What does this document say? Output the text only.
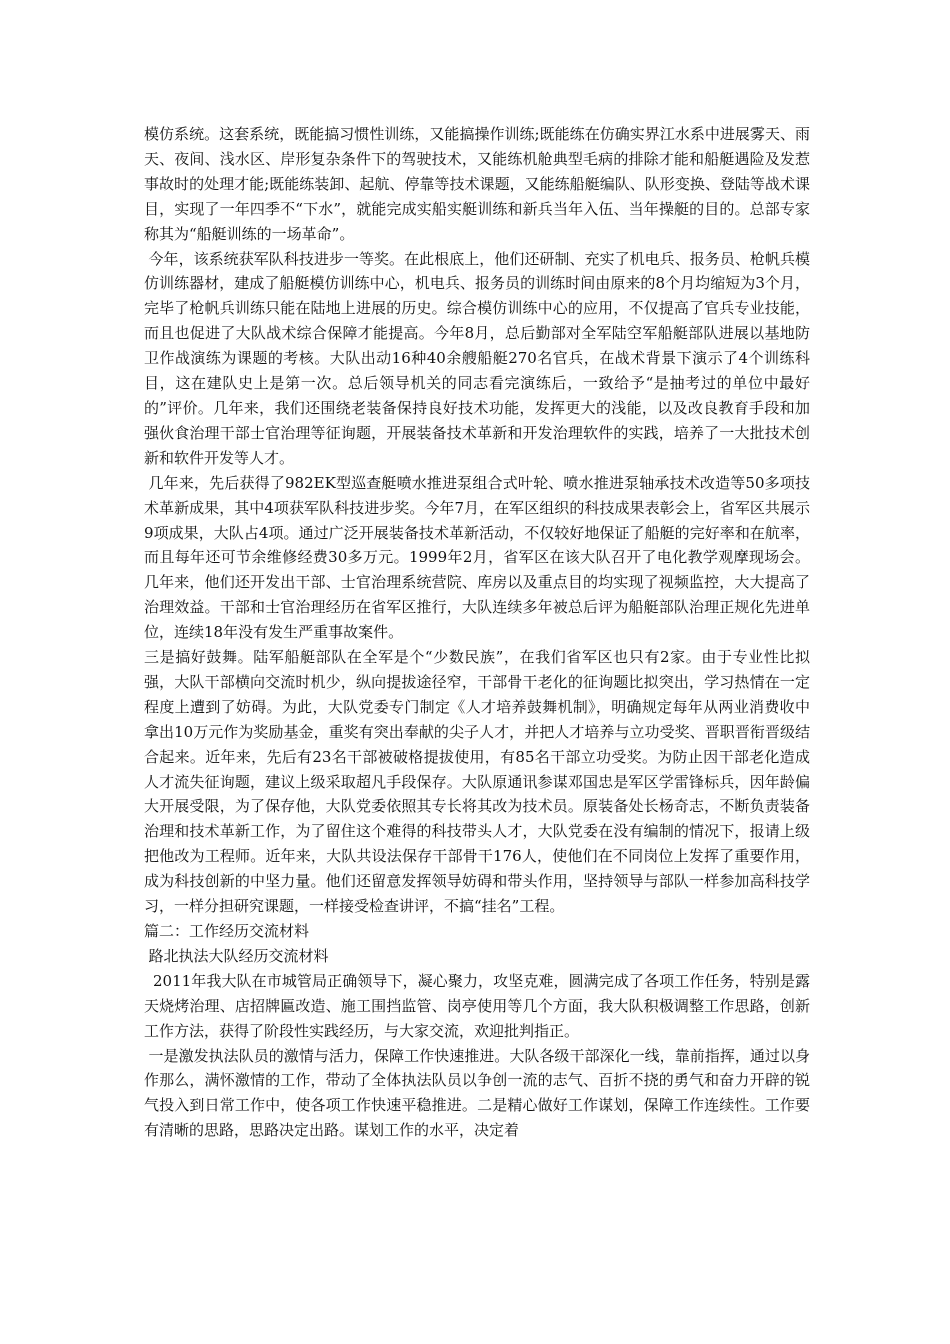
模仿系统。这套系统，既能搞习惯性训练，又能搞操作训练;既能练在仿确实界江水系中进展雾天、雨天、夜间、浅水区、岸形复杂条件下的驾驶技术，又能练机舱典型毛病的排除才能和船艇遇险及发惹事故时的处理才能;既能练装卸、起航、停靠等技术课题，又能练船艇编队、队形变换、登陆等战术课目，实现了一年四季不“下水”，就能完成实船实艇训练和新兵当年入伍、当年操艇的目的。总部专家称其为“船艇训练的一场革命”。

今年，该系统获军队科技进步一等奖。在此根底上，他们还研制、充实了机电兵、报务员、枪帆兵模仿训练器材，建成了船艇模仿训练中心，机电兵、报务员的训练时间由原来的8个月均缩短为3个月，完毕了枪帆兵训练只能在陆地上进展的历史。综合模仿训练中心的应用，不仅提高了官兵专业技能，而且也促进了大队战术综合保障才能提高。今年8月，总后勤部对全军陆空军船艇部队进展以基地防卫作战演练为课题的考核。大队出动16种40余艘船艇270名官兵，在战术背景下演示了4个训练科目，这在建队史上是第一次。总后领导机关的同志看完演练后，一致给予“是抽考过的单位中最好的”评价。几年来，我们还围绕老装备保持良好技术功能，发挥更大的浅能，以及改良教育手段和加强伙食治理干部士官治理等征询题，开展装备技术革新和开发治理软件的实践，培养了一大批技术创新和软件开发等人才。

几年来，先后获得了982EK型巡查艇喷水推进泵组合式叶轮、喷水推进泵轴承技术改造等50多项技术革新成果，其中4项获军队科技进步奖。今年7月，在军区组织的科技成果表彰会上，省军区共展示9项成果，大队占4项。通过广泛开展装备技术革新活动，不仅较好地保证了船艇的完好率和在航率，而且每年还可节余维修经费30多万元。1999年2月，省军区在该大队召开了电化教学观摩现场会。几年来，他们还开发出干部、士官治理系统营院、库房以及重点目的均实现了视频监控，大大提高了治理效益。干部和士官治理经历在省军区推行，大队连续多年被总后评为船艇部队治理正规化先进单位，连续18年没有发生严重事故案件。

三是搞好鼓舞。陆军船艇部队在全军是个“少数民族”，在我们省军区也只有2家。由于专业性比拟强，大队干部横向交流时机少，纵向提拔途径窄，干部骨干老化的征询题比拟突出，学习热情在一定程度上遭到了妨碍。为此，大队党委专门制定《人才培养鼓舞机制》，明确规定每年从两业消费收中拿出10万元作为奖励基金，重奖有突出奉献的尖子人才，并把人才培养与立功受奖、晋职晋衔晋级结合起来。近年来，先后有23名干部被破格提拔使用，有85名干部立功受奖。为防止因干部老化造成人才流失征询题，建议上级采取超凡手段保存。大队原通讯参谋邓国忠是军区学雷锋标兵，因年龄偏大开展受限，为了保存他，大队党委依照其专长将其改为技术员。原装备处长杨奇志，不断负责装备治理和技术革新工作，为了留住这个难得的科技带头人才，大队党委在没有编制的情况下，报请上级把他改为工程师。近年来，大队共设法保存干部骨干176人，使他们在不同岗位上发挥了重要作用，成为科技创新的中坚力量。他们还留意发挥领导妨碍和带头作用，坚持领导与部队一样参加高科技学习，一样分担研究课题，一样接受检查讲评，不搞“挂名”工程。

篇二：工作经历交流材料

路北执法大队经历交流材料

2011年我大队在市城管局正确领导下，凝心聚力，攻坚克难，圆满完成了各项工作任务，特别是露天烧烤治理、店招牌匾改造、施工围挡监管、岗亭使用等几个方面，我大队积极调整工作思路，创新工作方法，获得了阶段性实践经历，与大家交流，欢迎批判指正。

一是激发执法队员的激情与活力，保障工作快速推进。大队各级干部深化一线，靠前指挥，通过以身作那么，满怀激情的工作，带动了全体执法队员以争创一流的志气、百折不挠的勇气和奋力开辟的锐气投入到日常工作中，使各项工作快速平稳推进。二是精心做好工作谋划，保障工作连续性。工作要有清晰的思路，思路决定出路。谋划工作的水平，决定着
